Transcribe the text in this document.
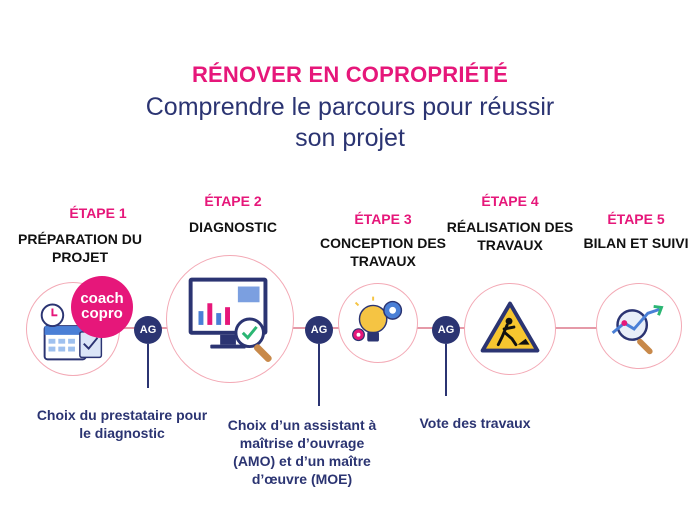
RÉNOVER EN COPROPRIÉTÉ
Comprendre le parcours pour réussir son projet
ÉTAPE 1
PRÉPARATION DU PROJET
ÉTAPE 2
DIAGNOSTIC	ÉTAPE 3
CONCEPTION DES TRAVAUX
ÉTAPE 4
RÉALISATION DES TRAVAUX
ÉTAPE 5
BILAN ET SUIVI
coach
copro
AG	AG	AG
Choix du prestataire pour le diagnostic	Choix d’un assistant à maîtrise d’ouvrage (AMO) et d’un maître d’œuvre (MOE)
Vote des travaux
